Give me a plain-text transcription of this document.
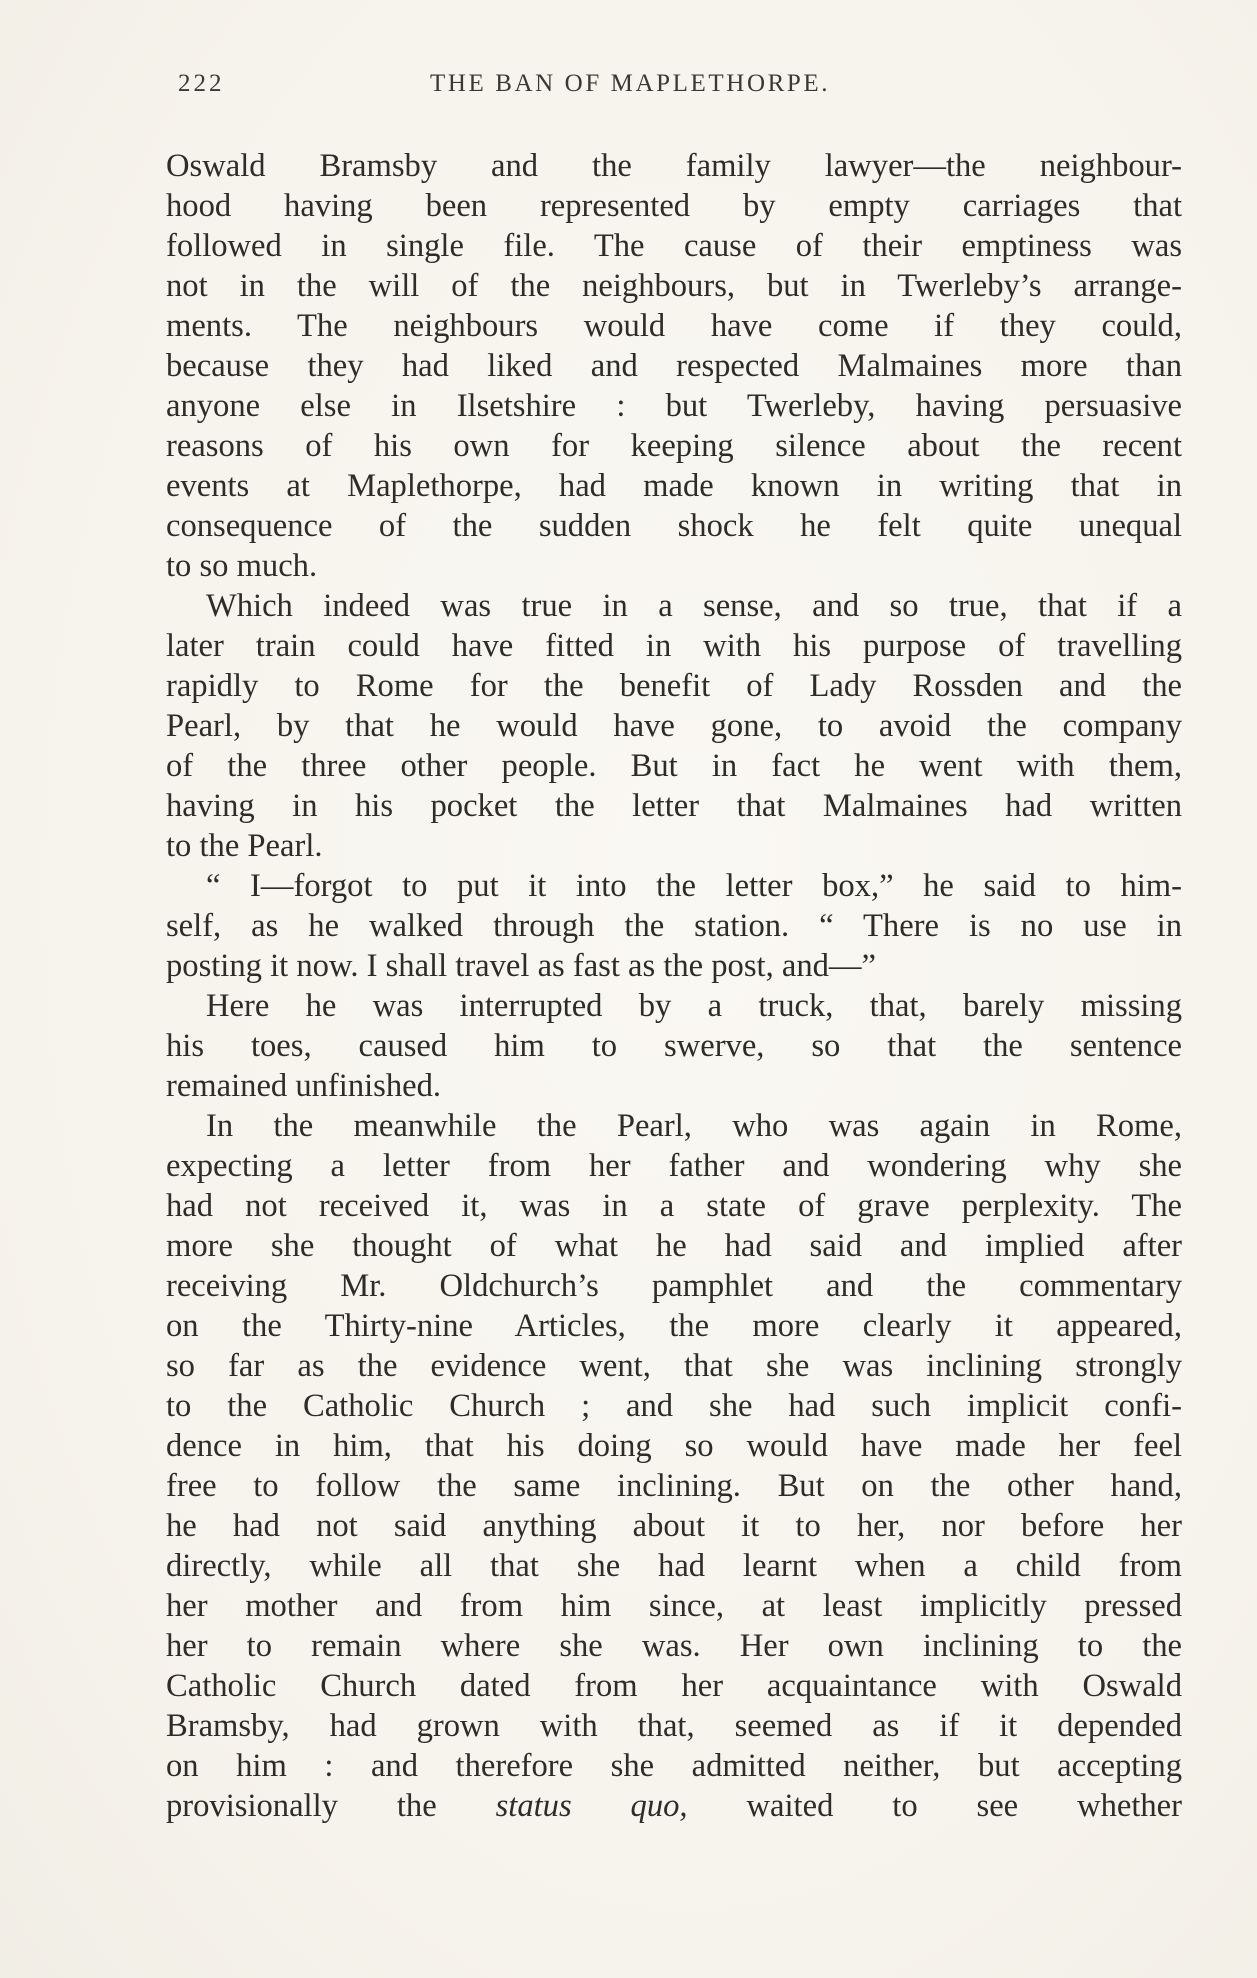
222	THE BAN OF MAPLETHORPE.
Oswald Bramsby and the family lawyer—the neighbour-
hood having been represented by empty carriages that
followed in single file. The cause of their emptiness was
not in the will of the neighbours, but in Twerleby’s arrange-
ments. The neighbours would have come if they could,
because they had liked and respected Malmaines more than
anyone else in Ilsetshire : but Twerleby, having persuasive
reasons of his own for keeping silence about the recent
events at Maplethorpe, had made known in writing that in
consequence of the sudden shock he felt quite unequal
to so much.
Which indeed was true in a sense, and so true, that if a
later train could have fitted in with his purpose of travelling
rapidly to Rome for the benefit of Lady Rossden and the
Pearl, by that he would have gone, to avoid the company
of the three other people. But in fact he went with them,
having in his pocket the letter that Malmaines had written
to the Pearl.
“ I—forgot to put it into the letter box,” he said to him-
self, as he walked through the station. “ There is no use in
posting it now. I shall travel as fast as the post, and—”
Here he was interrupted by a truck, that, barely missing
his toes, caused him to swerve, so that the sentence
remained unfinished.
In the meanwhile the Pearl, who was again in Rome,
expecting a letter from her father and wondering why she
had not received it, was in a state of grave perplexity. The
more she thought of what he had said and implied after
receiving Mr. Oldchurch’s pamphlet and the commentary
on the Thirty-nine Articles, the more clearly it appeared,
so far as the evidence went, that she was inclining strongly
to the Catholic Church ; and she had such implicit confi-
dence in him, that his doing so would have made her feel
free to follow the same inclining. But on the other hand,
he had not said anything about it to her, nor before her
directly, while all that she had learnt when a child from
her mother and from him since, at least implicitly pressed
her to remain where she was. Her own inclining to the
Catholic Church dated from her acquaintance with Oswald
Bramsby, had grown with that, seemed as if it depended
on him : and therefore she admitted neither, but accepting
provisionally the status quo, waited to see whether
